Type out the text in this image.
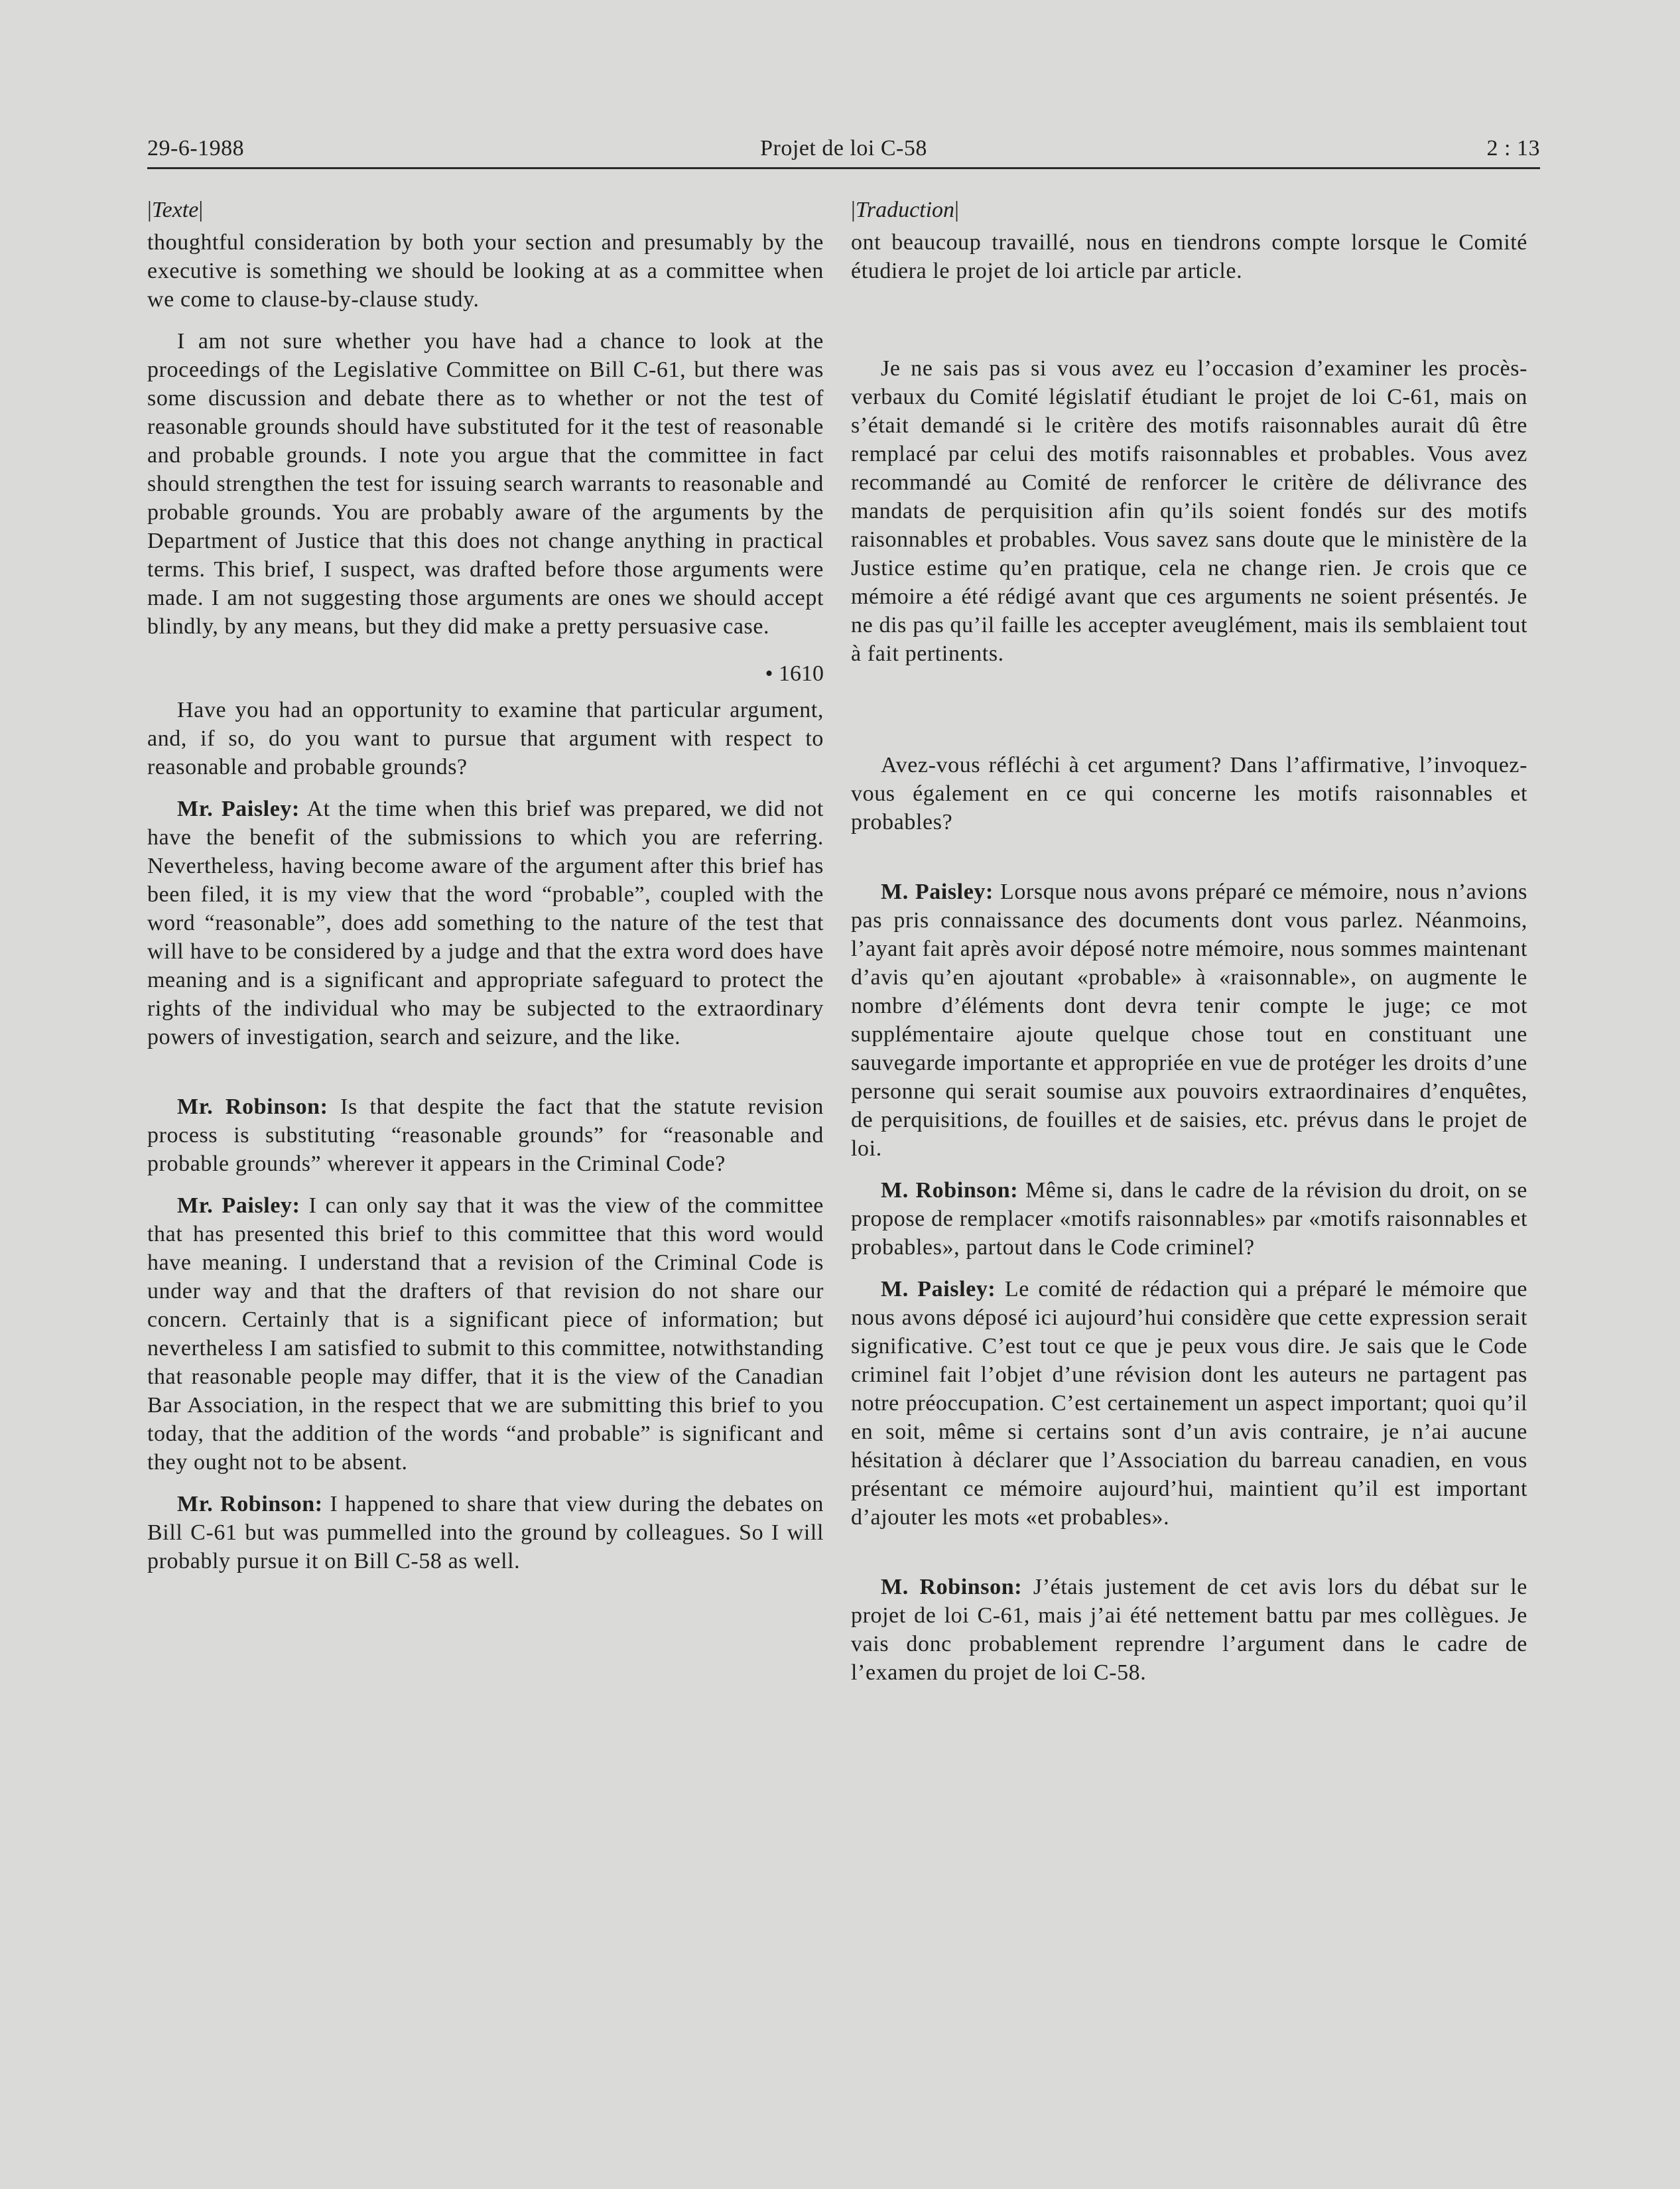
29-6-1988	Projet de loi C-58	2 : 13
|Texte|

thoughtful consideration by both your section and presumably by the executive is something we should be looking at as a committee when we come to clause-by-clause study.

I am not sure whether you have had a chance to look at the proceedings of the Legislative Committee on Bill C-61, but there was some discussion and debate there as to whether or not the test of reasonable grounds should have substituted for it the test of reasonable and probable grounds. I note you argue that the committee in fact should strengthen the test for issuing search warrants to reasonable and probable grounds. You are probably aware of the arguments by the Department of Justice that this does not change anything in practical terms. This brief, I suspect, was drafted before those arguments were made. I am not suggesting those arguments are ones we should accept blindly, by any means, but they did make a pretty persuasive case.

• 1610

Have you had an opportunity to examine that particular argument, and, if so, do you want to pursue that argument with respect to reasonable and probable grounds?

Mr. Paisley: At the time when this brief was prepared, we did not have the benefit of the submissions to which you are referring. Nevertheless, having become aware of the argument after this brief has been filed, it is my view that the word “probable”, coupled with the word “reasonable”, does add something to the nature of the test that will have to be considered by a judge and that the extra word does have meaning and is a significant and appropriate safeguard to protect the rights of the individual who may be subjected to the extraordinary powers of investigation, search and seizure, and the like.

Mr. Robinson: Is that despite the fact that the statute revision process is substituting “reasonable grounds” for “reasonable and probable grounds” wherever it appears in the Criminal Code?

Mr. Paisley: I can only say that it was the view of the committee that has presented this brief to this committee that this word would have meaning. I understand that a revision of the Criminal Code is under way and that the drafters of that revision do not share our concern. Certainly that is a significant piece of information; but nevertheless I am satisfied to submit to this committee, notwithstanding that reasonable people may differ, that it is the view of the Canadian Bar Association, in the respect that we are submitting this brief to you today, that the addition of the words “and probable” is significant and they ought not to be absent.

Mr. Robinson: I happened to share that view during the debates on Bill C-61 but was pummelled into the ground by colleagues. So I will probably pursue it on Bill C-58 as well.

|Traduction|

ont beaucoup travaillé, nous en tiendrons compte lorsque le Comité étudiera le projet de loi article par article.

Je ne sais pas si vous avez eu l’occasion d’examiner les procès-verbaux du Comité législatif étudiant le projet de loi C-61, mais on s’était demandé si le critère des motifs raisonnables aurait dû être remplacé par celui des motifs raisonnables et probables. Vous avez recommandé au Comité de renforcer le critère de délivrance des mandats de perquisition afin qu’ils soient fondés sur des motifs raisonnables et probables. Vous savez sans doute que le ministère de la Justice estime qu’en pratique, cela ne change rien. Je crois que ce mémoire a été rédigé avant que ces arguments ne soient présentés. Je ne dis pas qu’il faille les accepter aveuglément, mais ils semblaient tout à fait pertinents.

Avez-vous réfléchi à cet argument? Dans l’affirmative, l’invoquez-vous également en ce qui concerne les motifs raisonnables et probables?

M. Paisley: Lorsque nous avons préparé ce mémoire, nous n’avions pas pris connaissance des documents dont vous parlez. Néanmoins, l’ayant fait après avoir déposé notre mémoire, nous sommes maintenant d’avis qu’en ajoutant «probable» à «raisonnable», on augmente le nombre d’éléments dont devra tenir compte le juge; ce mot supplémentaire ajoute quelque chose tout en constituant une sauvegarde importante et appropriée en vue de protéger les droits d’une personne qui serait soumise aux pouvoirs extraordinaires d’enquêtes, de perquisitions, de fouilles et de saisies, etc. prévus dans le projet de loi.

M. Robinson: Même si, dans le cadre de la révision du droit, on se propose de remplacer «motifs raisonnables» par «motifs raisonnables et probables», partout dans le Code criminel?

M. Paisley: Le comité de rédaction qui a préparé le mémoire que nous avons déposé ici aujourd’hui considère que cette expression serait significative. C’est tout ce que je peux vous dire. Je sais que le Code criminel fait l’objet d’une révision dont les auteurs ne partagent pas notre préoccupation. C’est certainement un aspect important; quoi qu’il en soit, même si certains sont d’un avis contraire, je n’ai aucune hésitation à déclarer que l’Association du barreau canadien, en vous présentant ce mémoire aujourd’hui, maintient qu’il est important d’ajouter les mots «et probables».

M. Robinson: J’étais justement de cet avis lors du débat sur le projet de loi C-61, mais j’ai été nettement battu par mes collègues. Je vais donc probablement reprendre l’argument dans le cadre de l’examen du projet de loi C-58.
